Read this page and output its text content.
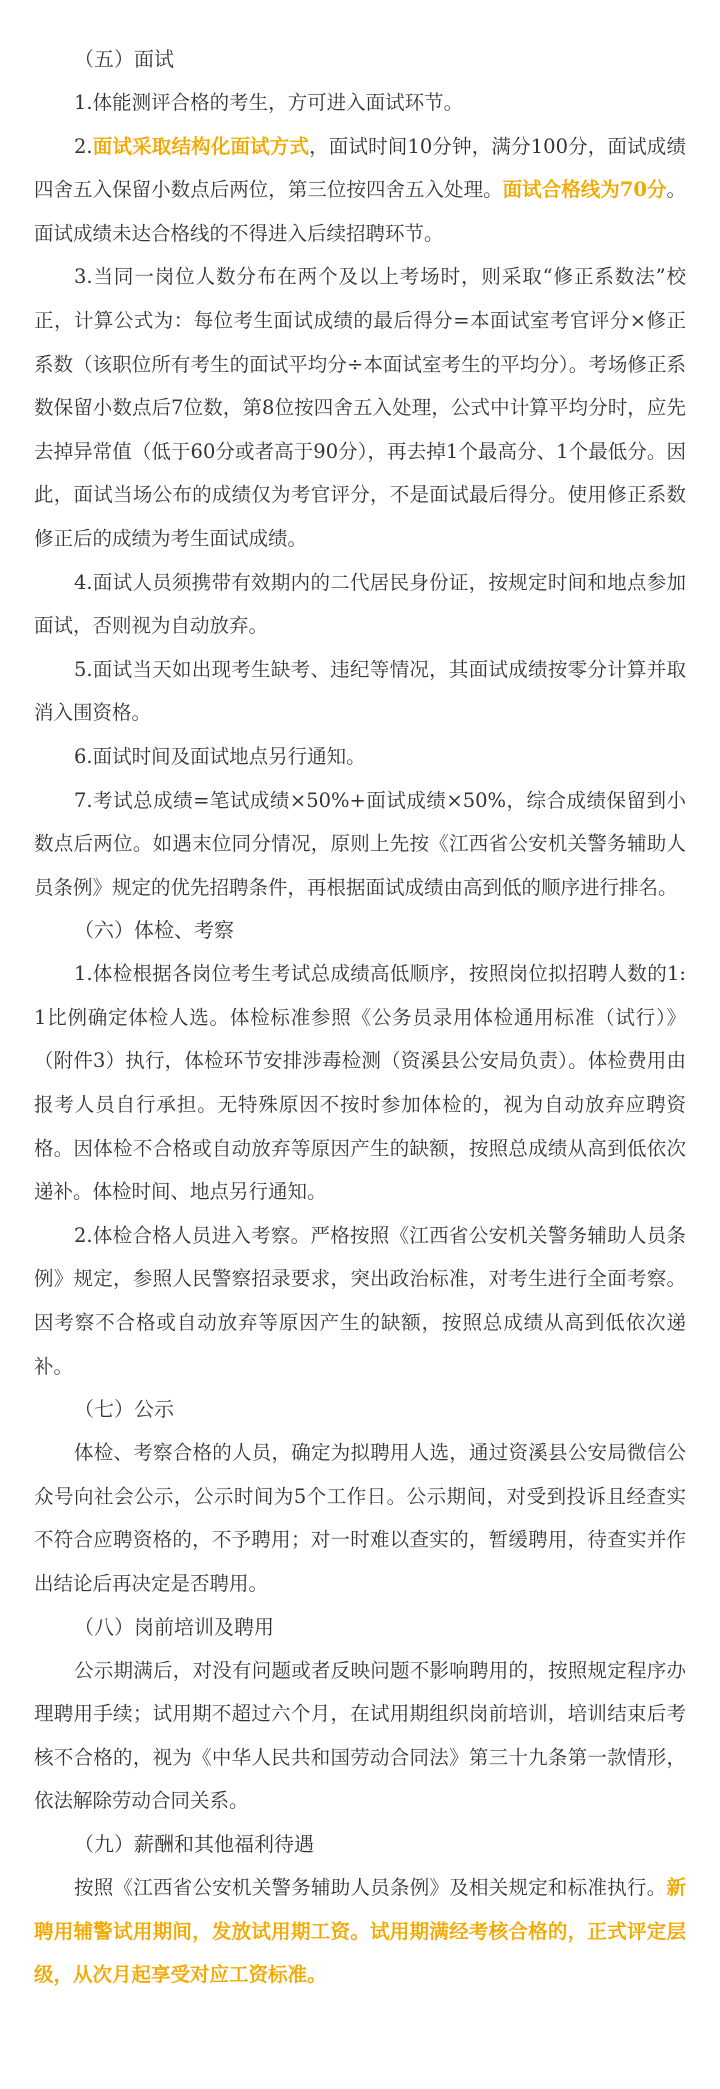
（五）面试

1.体能测评合格的考生，方可进入面试环节。

2.面试采取结构化面试方式，面试时间10分钟，满分100分，面试成绩四舍五入保留小数点后两位，第三位按四舍五入处理。面试合格线为70分。面试成绩未达合格线的不得进入后续招聘环节。

3.当同一岗位人数分布在两个及以上考场时，则采取“修正系数法”校正，计算公式为：每位考生面试成绩的最后得分=本面试室考官评分×修正系数（该职位所有考生的面试平均分÷本面试室考生的平均分）。考场修正系数保留小数点后7位数，第8位按四舍五入处理，公式中计算平均分时，应先去掉异常值（低于60分或者高于90分），再去掉1个最高分、1个最低分。因此，面试当场公布的成绩仅为考官评分，不是面试最后得分。使用修正系数修正后的成绩为考生面试成绩。

4.面试人员须携带有效期内的二代居民身份证，按规定时间和地点参加面试，否则视为自动放弃。

5.面试当天如出现考生缺考、违纪等情况，其面试成绩按零分计算并取消入围资格。

6.面试时间及面试地点另行通知。

7.考试总成绩=笔试成绩×50%+面试成绩×50%，综合成绩保留到小数点后两位。如遇末位同分情况，原则上先按《江西省公安机关警务辅助人员条例》规定的优先招聘条件，再根据面试成绩由高到低的顺序进行排名。

（六）体检、考察

1.体检根据各岗位考生考试总成绩高低顺序，按照岗位拟招聘人数的1:1比例确定体检人选。体检标准参照《公务员录用体检通用标准（试行）》（附件3）执行，体检环节安排涉毒检测（资溪县公安局负责）。体检费用由报考人员自行承担。无特殊原因不按时参加体检的，视为自动放弃应聘资格。因体检不合格或自动放弃等原因产生的缺额，按照总成绩从高到低依次递补。体检时间、地点另行通知。

2.体检合格人员进入考察。严格按照《江西省公安机关警务辅助人员条例》规定，参照人民警察招录要求，突出政治标准，对考生进行全面考察。因考察不合格或自动放弃等原因产生的缺额，按照总成绩从高到低依次递补。

（七）公示

体检、考察合格的人员，确定为拟聘用人选，通过资溪县公安局微信公众号向社会公示，公示时间为5个工作日。公示期间，对受到投诉且经查实不符合应聘资格的，不予聘用；对一时难以查实的，暂缓聘用，待查实并作出结论后再决定是否聘用。

（八）岗前培训及聘用

公示期满后，对没有问题或者反映问题不影响聘用的，按照规定程序办理聘用手续；试用期不超过六个月，在试用期组织岗前培训，培训结束后考核不合格的，视为《中华人民共和国劳动合同法》第三十九条第一款情形，依法解除劳动合同关系。

（九）薪酬和其他福利待遇

按照《江西省公安机关警务辅助人员条例》及相关规定和标准执行。新聘用辅警试用期间，发放试用期工资。试用期满经考核合格的，正式评定层级，从次月起享受对应工资标准。
